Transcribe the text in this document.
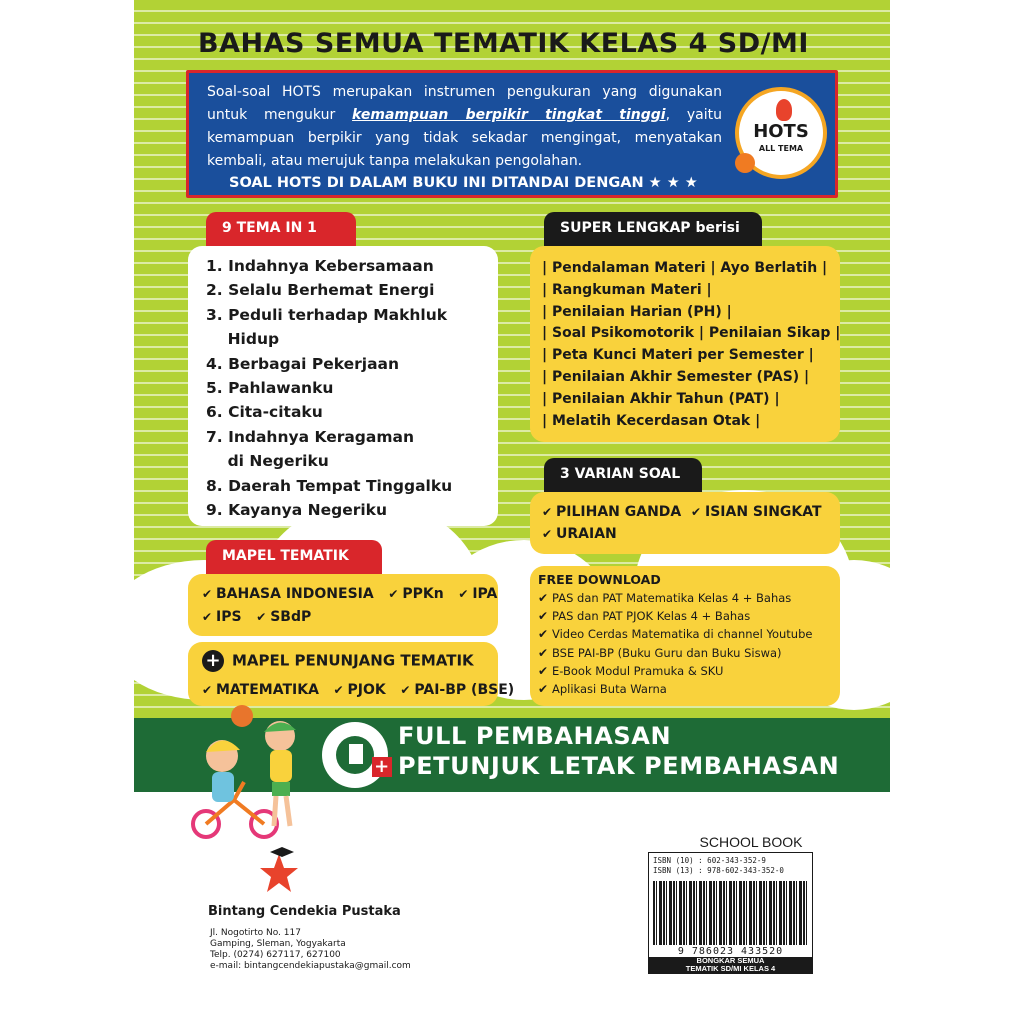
BAHAS SEMUA TEMATIK KELAS 4 SD/MI
Soal-soal HOTS merupakan instrumen pengukuran yang digunakan untuk mengukur kemampuan berpikir tingkat tinggi, yaitu kemampuan berpikir yang tidak sekadar mengingat, menyatakan kembali, atau merujuk tanpa melakukan pengolahan.
SOAL HOTS DI DALAM BUKU INI DITANDAI DENGAN ★ ★ ★
HOTS
ALL TEMA
9 TEMA IN 1
1. Indahnya Kebersamaan
2. Selalu Berhemat Energi
3. Peduli terhadap Makhluk
Hidup
4. Berbagai Pekerjaan
5. Pahlawanku
6. Cita-citaku
7. Indahnya Keragaman
di Negeriku
8. Daerah Tempat Tinggalku
9. Kayanya Negeriku
SUPER LENGKAP berisi
| Pendalaman Materi | Ayo Berlatih |
| Rangkuman Materi |
| Penilaian Harian (PH) |
| Soal Psikomotorik | Penilaian Sikap |
| Peta Kunci Materi per Semester |
| Penilaian Akhir Semester (PAS) |
| Penilaian Akhir Tahun (PAT) |
| Melatih Kecerdasan Otak |
3 VARIAN SOAL
✔ PILIHAN GANDA ✔ ISIAN SINGKAT
✔ URAIAN
MAPEL TEMATIK
✔ BAHASA INDONESIA ✔ PPKn ✔ IPA
✔ IPS ✔ SBdP
+ MAPEL PENUNJANG TEMATIK
✔ MATEMATIKA ✔ PJOK ✔ PAI-BP (BSE)
FREE DOWNLOAD
✔ PAS dan PAT Matematika Kelas 4 + Bahas
✔ PAS dan PAT PJOK Kelas 4 + Bahas
✔ Video Cerdas Matematika di channel Youtube
✔ BSE PAI-BP (Buku Guru dan Buku Siswa)
✔ E-Book Modul Pramuka & SKU
✔ Aplikasi Buta Warna
FULL PEMBAHASAN
+ PETUNJUK LETAK PEMBAHASAN
Bintang Cendekia Pustaka
Jl. Nogotirto No. 117
Gamping, Sleman, Yogyakarta
Telp. (0274) 627117, 627100
e-mail: bintangcendekiapustaka@gmail.com
SCHOOL BOOK
ISBN (10) : 602-343-352-9
ISBN (13) : 978-602-343-352-0
9 786023 433520
BONGKAR SEMUA
TEMATIK SD/MI KELAS 4
